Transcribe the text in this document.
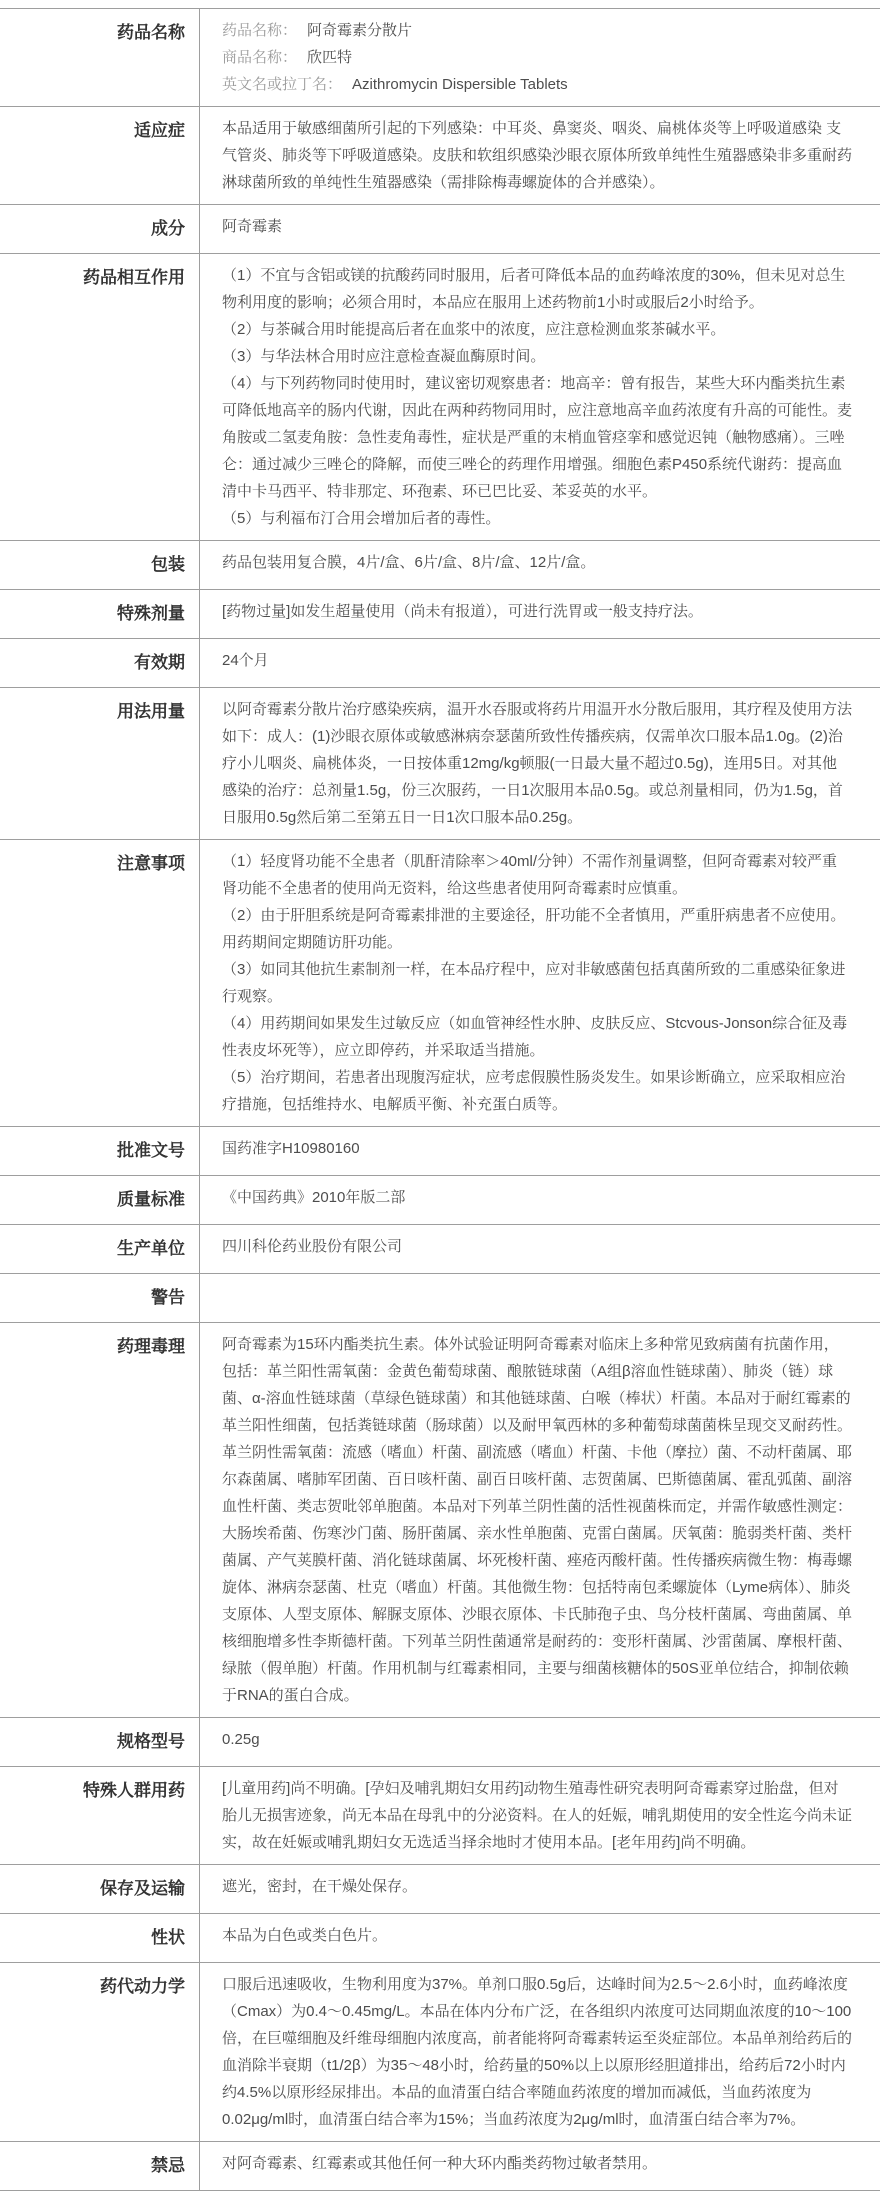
药品名称	药品名称： 阿奇霉素分散片
商品名称： 欣匹特
英文名或拉丁名： Azithromycin Dispersible Tablets
适应症	本品适用于敏感细菌所引起的下列感染：中耳炎、鼻窦炎、咽炎、扁桃体炎等上呼吸道感染 支气管炎、肺炎等下呼吸道感染。皮肤和软组织感染沙眼衣原体所致单纯性生殖器感染非多重耐药淋球菌所致的单纯性生殖器感染（需排除梅毒螺旋体的合并感染）。

成分	阿奇霉素

药品相互作用	（1）不宜与含铝或镁的抗酸药同时服用，后者可降低本品的血药峰浓度的30%，但未见对总生物利用度的影响；必须合用时，本品应在服用上述药物前1小时或服后2小时给予。

（2）与茶碱合用时能提高后者在血浆中的浓度，应注意检测血浆茶碱水平。

（3）与华法林合用时应注意检查凝血酶原时间。

（4）与下列药物同时使用时，建议密切观察患者：地高辛：曾有报告，某些大环内酯类抗生素可降低地高辛的肠内代谢，因此在两种药物同用时，应注意地高辛血药浓度有升高的可能性。麦角胺或二氢麦角胺：急性麦角毒性，症状是严重的末梢血管痉挛和感觉迟钝（触物感痛）。三唑仑：通过减少三唑仑的降解，而使三唑仑的药理作用增强。细胞色素P450系统代谢药：提高血清中卡马西平、特非那定、环孢素、环已巴比妥、苯妥英的水平。

（5）与利福布汀合用会增加后者的毒性。

包装	药品包装用复合膜，4片/盒、6片/盒、8片/盒、12片/盒。

特殊剂量	[药物过量]如发生超量使用（尚未有报道），可进行洗胃或一般支持疗法。

有效期	24个月

用法用量	以阿奇霉素分散片治疗感染疾病，温开水吞服或将药片用温开水分散后服用，其疗程及使用方法如下：成人：(1)沙眼衣原体或敏感淋病奈瑟菌所致性传播疾病，仅需单次口服本品1.0g。(2)治疗小儿咽炎、扁桃体炎，一日按体重12mg/kg顿服(一日最大量不超过0.5g)，连用5日。对其他感染的治疗：总剂量1.5g，份三次服药，一日1次服用本品0.5g。或总剂量相同，仍为1.5g，首日服用0.5g然后第二至第五日一日1次口服本品0.25g。

注意事项	（1）轻度肾功能不全患者（肌酐清除率＞40ml/分钟）不需作剂量调整，但阿奇霉素对较严重肾功能不全患者的使用尚无资料，给这些患者使用阿奇霉素时应慎重。

（2）由于肝胆系统是阿奇霉素排泄的主要途径，肝功能不全者慎用，严重肝病患者不应使用。用药期间定期随访肝功能。

（3）如同其他抗生素制剂一样，在本品疗程中，应对非敏感菌包括真菌所致的二重感染征象进行观察。

（4）用药期间如果发生过敏反应（如血管神经性水肿、皮肤反应、Stcvous-Jonson综合征及毒性表皮坏死等），应立即停药，并采取适当措施。

（5）治疗期间，若患者出现腹泻症状，应考虑假膜性肠炎发生。如果诊断确立，应采取相应治疗措施，包括维持水、电解质平衡、补充蛋白质等。

批准文号	国药准字H10980160

质量标准	《中国药典》2010年版二部

生产单位	四川科伦药业股份有限公司

警告
药理毒理	阿奇霉素为15环内酯类抗生素。体外试验证明阿奇霉素对临床上多种常见致病菌有抗菌作用，包括：革兰阳性需氧菌：金黄色葡萄球菌、酿脓链球菌（A组β溶血性链球菌）、肺炎（链）球菌、α-溶血性链球菌（草绿色链球菌）和其他链球菌、白喉（棒状）杆菌。本品对于耐红霉素的革兰阳性细菌，包括粪链球菌（肠球菌）以及耐甲氧西林的多种葡萄球菌菌株呈现交叉耐药性。革兰阴性需氧菌：流感（嗜血）杆菌、副流感（嗜血）杆菌、卡他（摩拉）菌、不动杆菌属、耶尔森菌属、嗜肺军团菌、百日咳杆菌、副百日咳杆菌、志贺菌属、巴斯德菌属、霍乱弧菌、副溶血性杆菌、类志贺吡邻单胞菌。本品对下列革兰阴性菌的活性视菌株而定，并需作敏感性测定：大肠埃希菌、伤寒沙门菌、肠肝菌属、亲水性单胞菌、克雷白菌属。厌氧菌：脆弱类杆菌、类杆菌属、产气荚膜杆菌、消化链球菌属、坏死梭杆菌、痤疮丙酸杆菌。性传播疾病微生物：梅毒螺旋体、淋病奈瑟菌、杜克（嗜血）杆菌。其他微生物：包括特南包柔螺旋体（Lyme病体）、肺炎支原体、人型支原体、解脲支原体、沙眼衣原体、卡氏肺孢子虫、鸟分枝杆菌属、弯曲菌属、单核细胞增多性李斯德杆菌。下列革兰阴性菌通常是耐药的：变形杆菌属、沙雷菌属、摩根杆菌、绿脓（假单胞）杆菌。作用机制与红霉素相同，主要与细菌核糖体的50S亚单位结合，抑制依赖于RNA的蛋白合成。

规格型号	0.25g

特殊人群用药	[儿童用药]尚不明确。[孕妇及哺乳期妇女用药]动物生殖毒性研究表明阿奇霉素穿过胎盘，但对胎儿无损害迹象，尚无本品在母乳中的分泌资料。在人的妊娠，哺乳期使用的安全性迄今尚未证实，故在妊娠或哺乳期妇女无选适当择余地时才使用本品。[老年用药]尚不明确。

保存及运输	遮光，密封，在干燥处保存。

性状	本品为白色或类白色片。

药代动力学	口服后迅速吸收，生物利用度为37%。单剂口服0.5g后，达峰时间为2.5～2.6小时，血药峰浓度（Cmax）为0.4～0.45mg/L。本品在体内分布广泛，在各组织内浓度可达同期血浓度的10～100倍，在巨噬细胞及纤维母细胞内浓度高，前者能将阿奇霉素转运至炎症部位。本品单剂给药后的血消除半衰期（t1/2β）为35～48小时，给药量的50%以上以原形经胆道排出，给药后72小时内约4.5%以原形经尿排出。本品的血清蛋白结合率随血药浓度的增加而减低，当血药浓度为0.02μg/ml时，血清蛋白结合率为15%；当血药浓度为2μg/ml时，血清蛋白结合率为7%。

禁忌	对阿奇霉素、红霉素或其他任何一种大环内酯类药物过敏者禁用。
